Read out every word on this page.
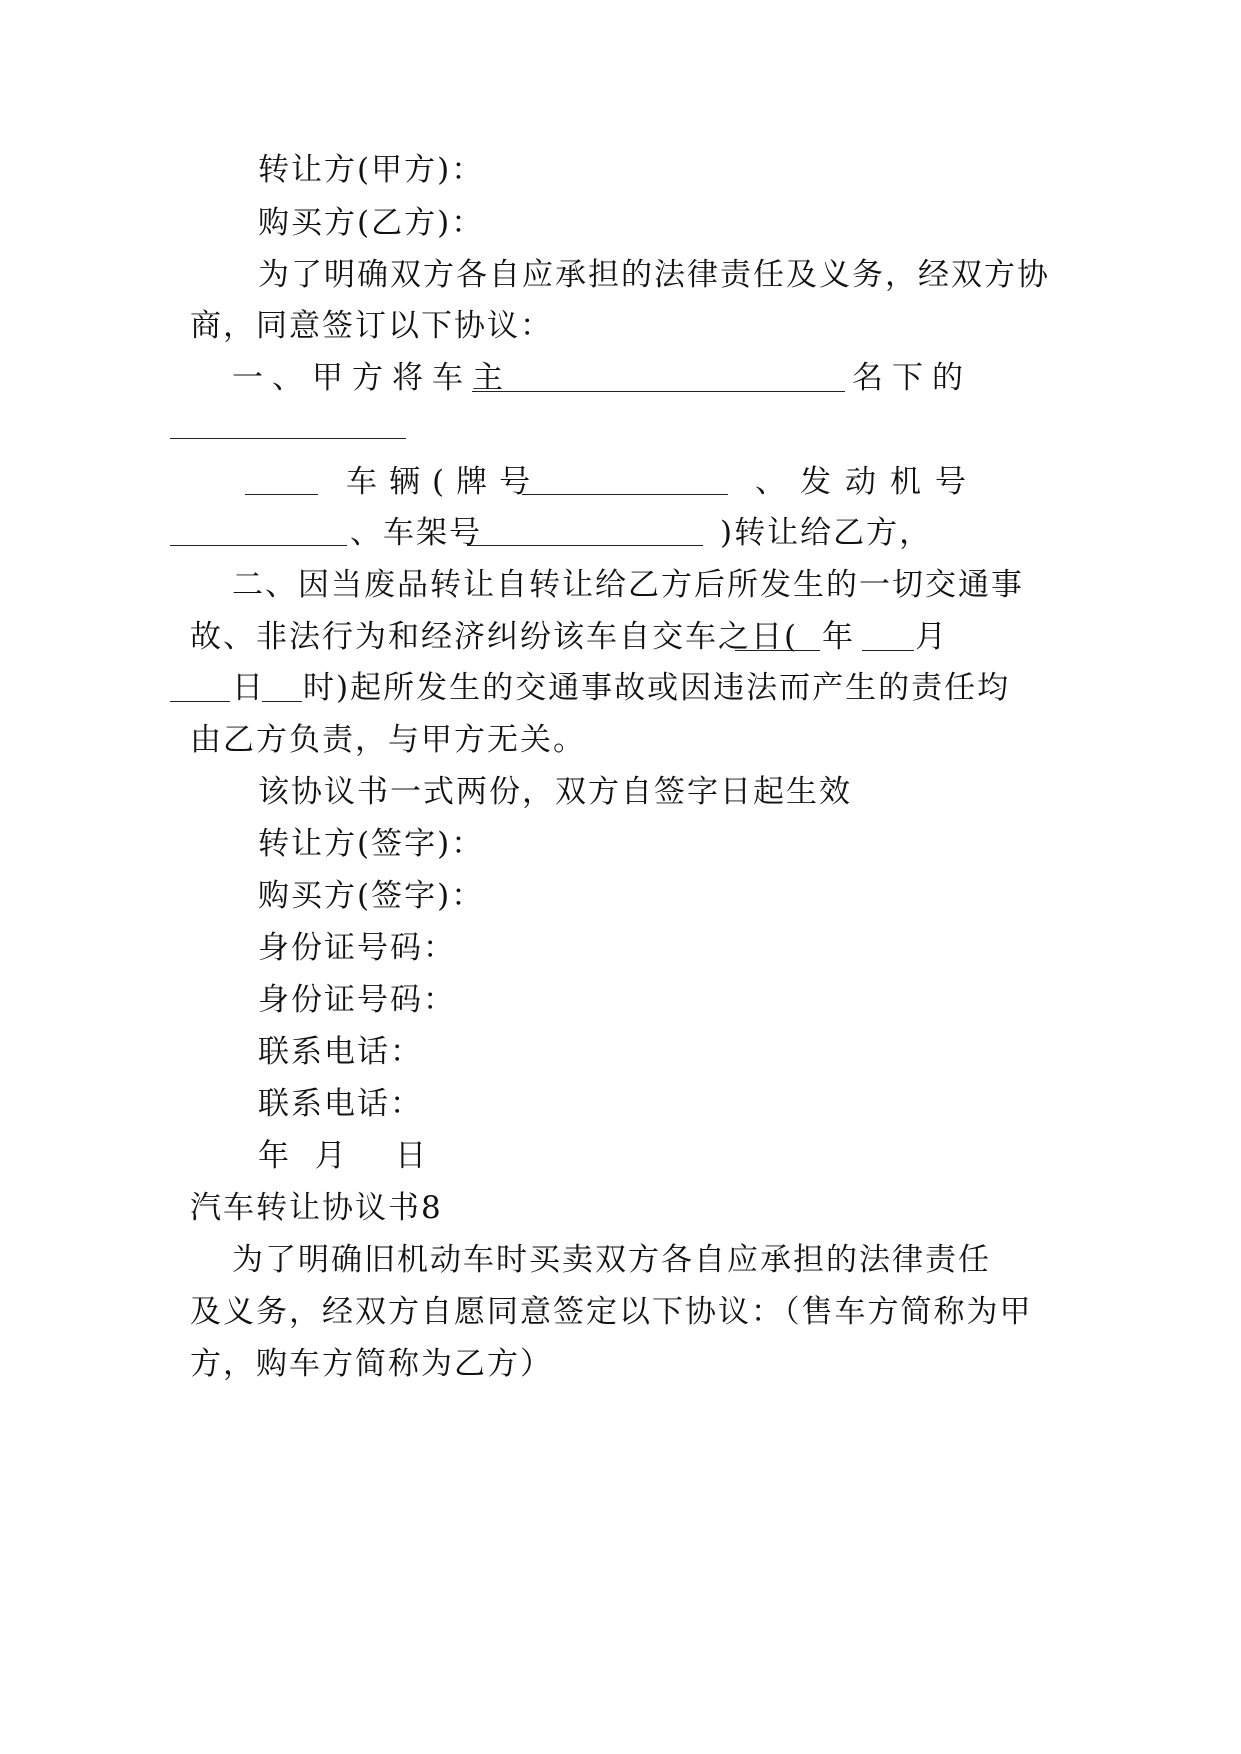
转让方(甲方)：
购买方(乙方)：
为了明确双方各自应承担的法律责任及义务，经双方协
商，同意签订以下协议：
一、甲方将车主	名下的
车辆(牌号	、发动机号
、车架号	)转让给乙方，
二、因当废品转让自转让给乙方后所发生的一切交通事
故、非法行为和经济纠纷该车自交车之日( 年 月
日 时)起所发生的交通事故或因违法而产生的责任均
由乙方负责，与甲方无关。
该协议书一式两份，双方自签字日起生效
转让方(签字)：
购买方(签字)：
身份证号码：
身份证号码：
联系电话：
联系电话：
年  月    日
汽车转让协议书8
为了明确旧机动车时买卖双方各自应承担的法律责任
及义务，经双方自愿同意签定以下协议：（售车方简称为甲
方，购车方简称为乙方）
